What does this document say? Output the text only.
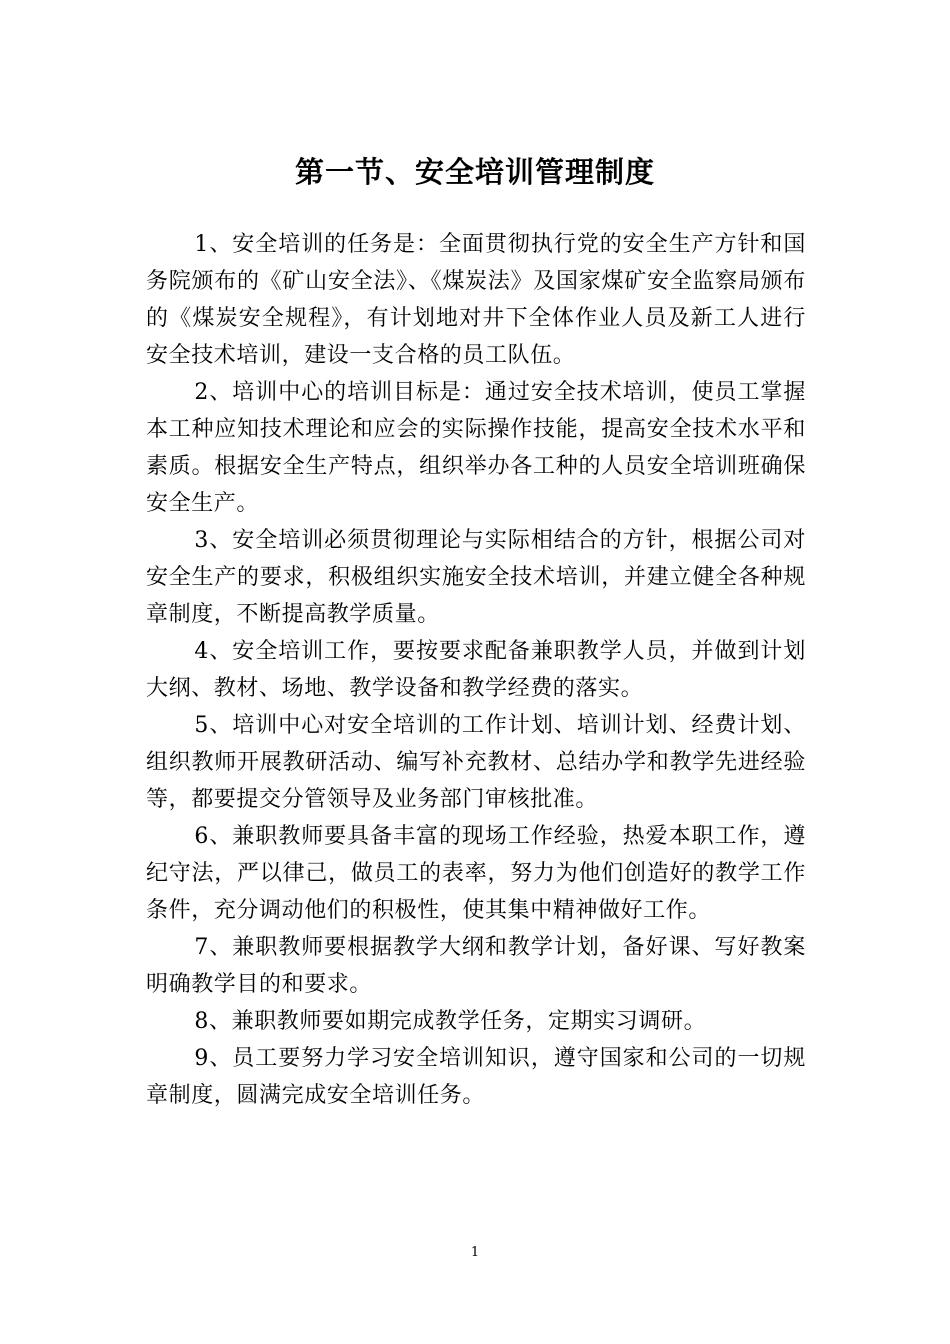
第一节、安全培训管理制度

1、安全培训的任务是：全面贯彻执行党的安全生产方针和国务院颁布的《矿山安全法》、《煤炭法》及国家煤矿安全监察局颁布的《煤炭安全规程》，有计划地对井下全体作业人员及新工人进行安全技术培训，建设一支合格的员工队伍。

2、培训中心的培训目标是：通过安全技术培训，使员工掌握本工种应知技术理论和应会的实际操作技能，提高安全技术水平和素质。根据安全生产特点，组织举办各工种的人员安全培训班确保安全生产。

3、安全培训必须贯彻理论与实际相结合的方针，根据公司对安全生产的要求，积极组织实施安全技术培训，并建立健全各种规章制度，不断提高教学质量。

4、安全培训工作，要按要求配备兼职教学人员，并做到计划大纲、教材、场地、教学设备和教学经费的落实。

5、培训中心对安全培训的工作计划、培训计划、经费计划、组织教师开展教研活动、编写补充教材、总结办学和教学先进经验等，都要提交分管领导及业务部门审核批准。

6、兼职教师要具备丰富的现场工作经验，热爱本职工作，遵纪守法，严以律己，做员工的表率，努力为他们创造好的教学工作条件，充分调动他们的积极性，使其集中精神做好工作。

7、兼职教师要根据教学大纲和教学计划，备好课、写好教案明确教学目的和要求。

8、兼职教师要如期完成教学任务，定期实习调研。

9、员工要努力学习安全培训知识，遵守国家和公司的一切规章制度，圆满完成安全培训任务。

1
